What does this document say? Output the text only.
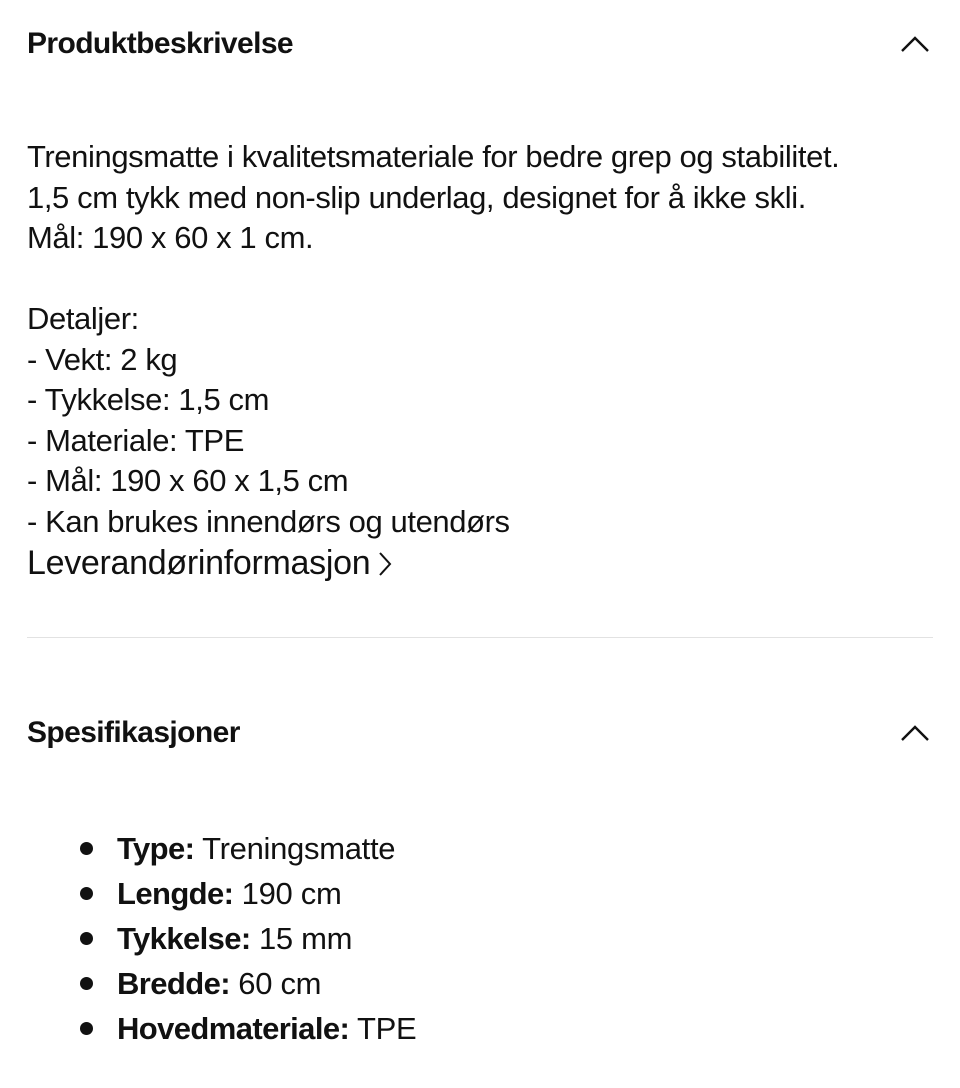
Produktbeskrivelse

Treningsmatte i kvalitetsmateriale for bedre grep og stabilitet.

1,5 cm tykk med non-slip underlag, designet for å ikke skli.

Mål: 190 x 60 x 1 cm.

Detaljer:

- Vekt: 2 kg

- Tykkelse: 1,5 cm

- Materiale: TPE

- Mål: 190 x 60 x 1,5 cm

- Kan brukes innendørs og utendørs

Leverandørinformasjon
Spesifikasjoner
Type: Treningsmatte
Lengde: 190 cm
Tykkelse: 15 mm
Bredde: 60 cm
Hovedmateriale: TPE
